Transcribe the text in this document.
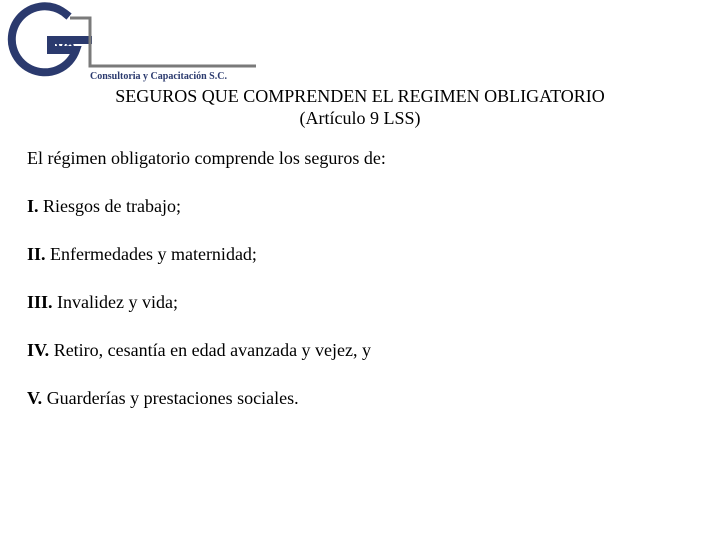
va
Consultoria y Capacitación S.C.
SEGUROS QUE COMPRENDEN EL REGIMEN OBLIGATORIO
(Artículo 9 LSS)
El régimen obligatorio comprende los seguros de:
I. Riesgos de trabajo;
II. Enfermedades y maternidad;
III. Invalidez y vida;
IV. Retiro, cesantía en edad avanzada y vejez, y
V. Guarderías y prestaciones sociales.
